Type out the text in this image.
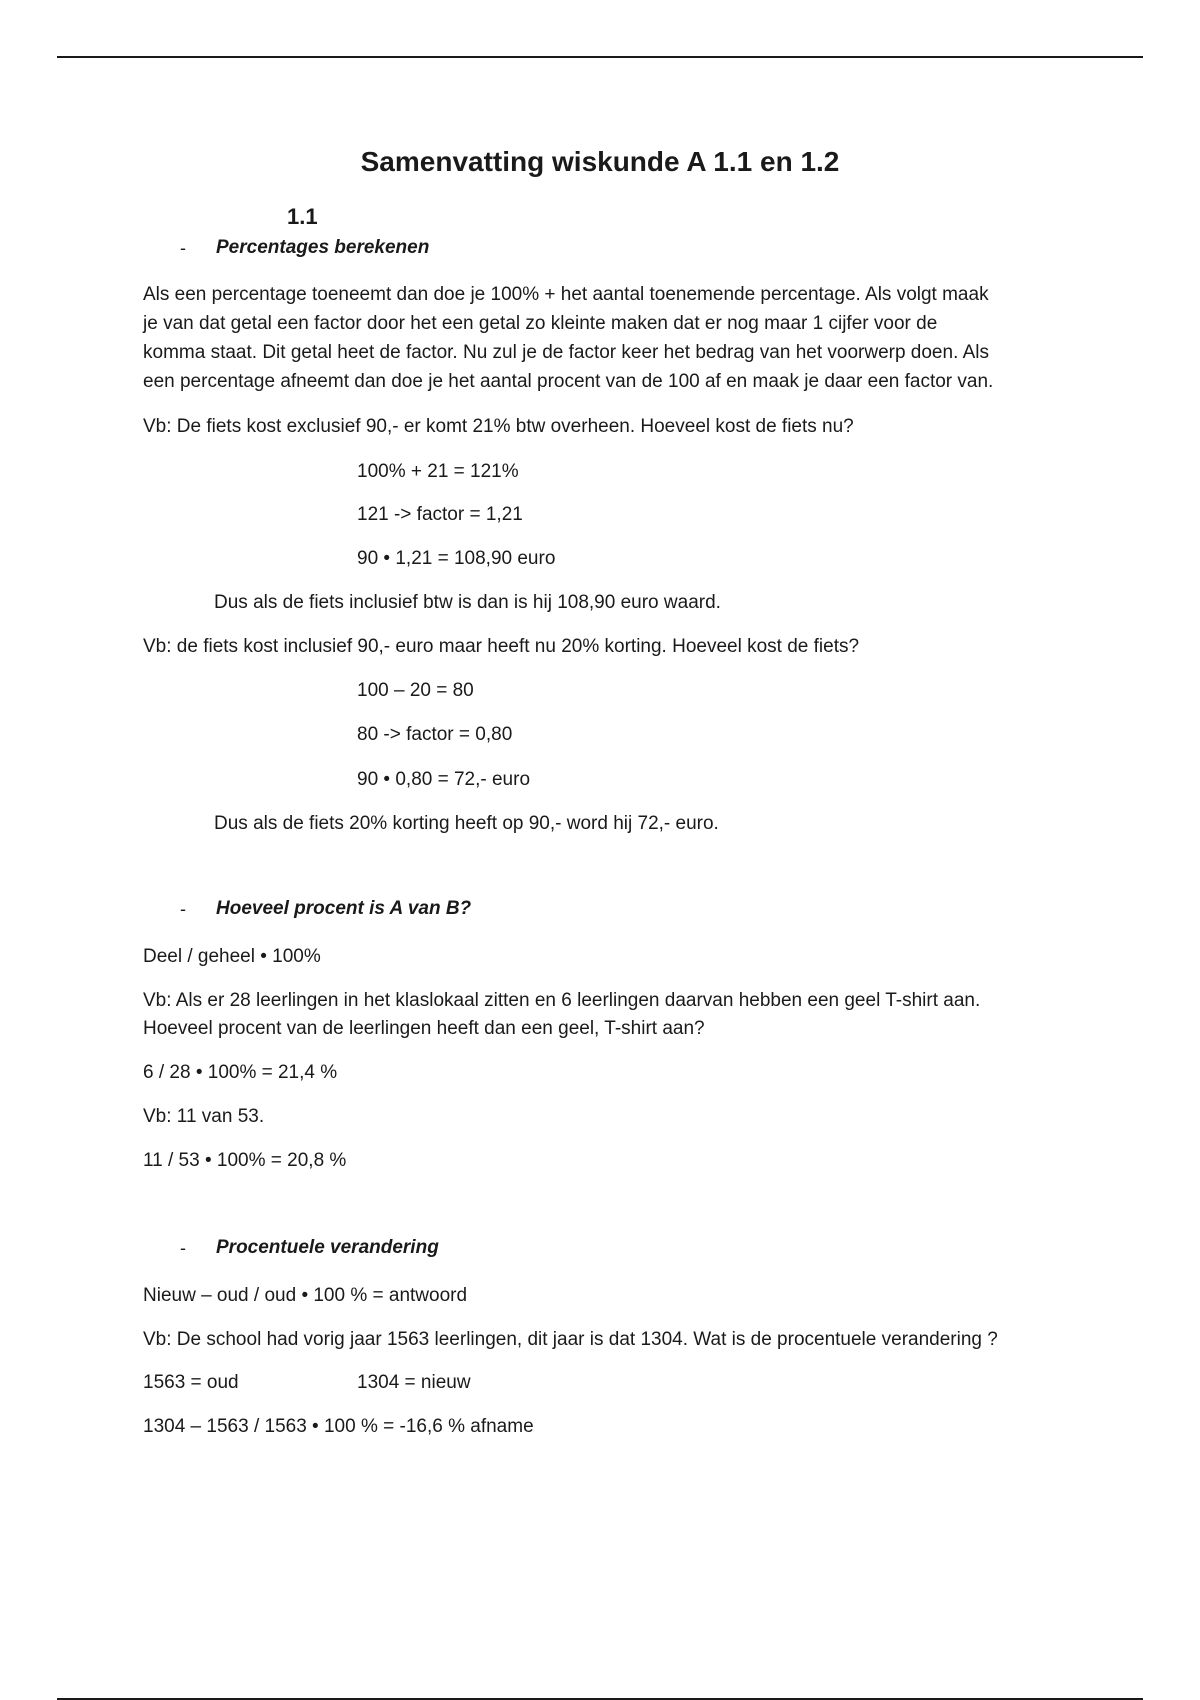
Samenvatting wiskunde A 1.1 en 1.2
1.1
- Percentages berekenen
Als een percentage toeneemt dan doe je 100% + het aantal toenemende percentage. Als volgt maak
je van dat getal een factor door het een getal zo kleinte maken dat er nog maar 1 cijfer voor de
komma staat. Dit getal heet de factor. Nu zul je de factor keer het bedrag van het voorwerp doen. Als
een percentage afneemt dan doe je het aantal procent van de 100 af en maak je daar een factor van.
Vb: De fiets kost exclusief 90,- er komt 21% btw overheen. Hoeveel kost de fiets nu?
100% + 21 = 121%
121 -> factor = 1,21
90 • 1,21 = 108,90 euro
Dus als de fiets inclusief btw is dan is hij 108,90 euro waard.
Vb: de fiets kost inclusief 90,- euro maar heeft nu 20% korting. Hoeveel kost de fiets?
100 – 20 = 80
80 -> factor = 0,80
90 • 0,80 = 72,- euro
Dus als de fiets 20% korting heeft op 90,- word hij 72,- euro.
- Hoeveel procent is A van B?
Deel / geheel • 100%
Vb: Als er 28 leerlingen in het klaslokaal zitten en 6 leerlingen daarvan hebben een geel T-shirt aan.
Hoeveel procent van de leerlingen heeft dan een geel, T-shirt aan?
6 / 28 • 100% = 21,4 %
Vb: 11 van 53.
11 / 53 • 100% = 20,8 %
- Procentuele verandering
Nieuw – oud / oud • 100 % = antwoord
Vb: De school had vorig jaar 1563 leerlingen, dit jaar is dat 1304. Wat is de procentuele verandering ?
1563 = oud	1304 = nieuw
1304 – 1563 / 1563 • 100 % = -16,6 % afname
